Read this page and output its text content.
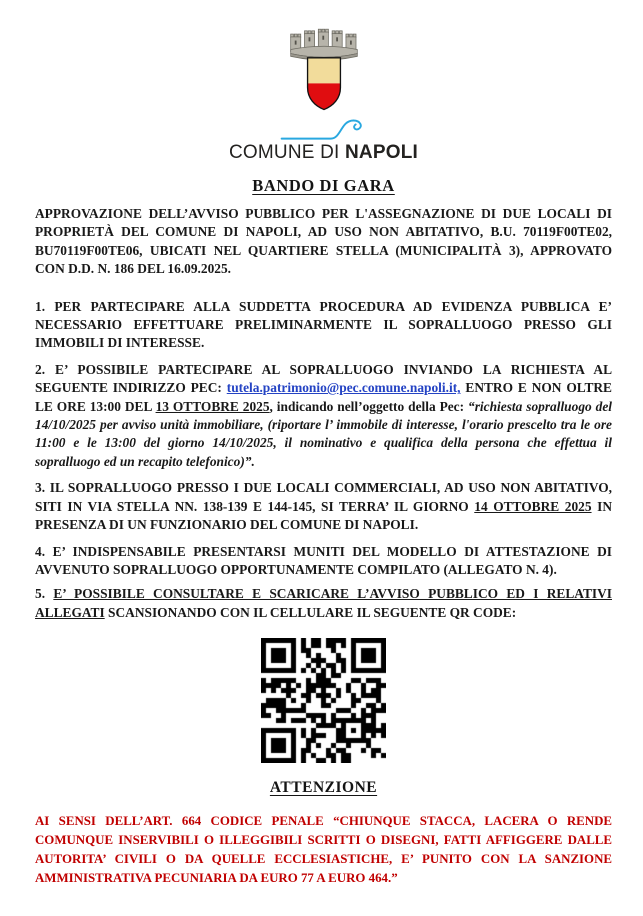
COMUNE DI NAPOLI
BANDO DI GARA

APPROVAZIONE DELL’AVVISO PUBBLICO PER L'ASSEGNAZIONE DI DUE LOCALI DI PROPRIETÀ DEL COMUNE DI NAPOLI, AD USO NON ABITATIVO, B.U. 70119F00TE02, BU70119F00TE06, UBICATI NEL QUARTIERE STELLA (MUNICIPALITÀ 3), APPROVATO CON D.D. N. 186 DEL 16.09.2025.

1. PER PARTECIPARE ALLA SUDDETTA PROCEDURA AD EVIDENZA PUBBLICA E’ NECESSARIO EFFETTUARE PRELIMINARMENTE IL SOPRALLUOGO PRESSO GLI IMMOBILI DI INTERESSE.

2. E’ POSSIBILE PARTECIPARE AL SOPRALLUOGO INVIANDO LA RICHIESTA AL SEGUENTE INDIRIZZO PEC: tutela.patrimonio@pec.comune.napoli.it, ENTRO E NON OLTRE LE ORE 13:00 DEL 13 OTTOBRE 2025, indicando nell’oggetto della Pec: “richiesta sopralluogo del 14/10/2025 per avviso unità immobiliare, (riportare l’ immobile di interesse, l'orario prescelto tra le ore 11:00 e le 13:00 del giorno 14/10/2025, il nominativo e qualifica della persona che effettua il sopralluogo ed un recapito telefonico)”.

3. IL SOPRALLUOGO PRESSO I DUE LOCALI COMMERCIALI, AD USO NON ABITATIVO, SITI IN VIA STELLA NN. 138-139 E 144-145, SI TERRA’ IL GIORNO 14 OTTOBRE 2025 IN PRESENZA DI UN FUNZIONARIO DEL COMUNE DI NAPOLI.

4. E’ INDISPENSABILE PRESENTARSI MUNITI DEL MODELLO DI ATTESTAZIONE DI AVVENUTO SOPRALLUOGO OPPORTUNAMENTE COMPILATO (ALLEGATO N. 4).

5. E’ POSSIBILE CONSULTARE E SCARICARE L’AVVISO PUBBLICO ED I RELATIVI ALLEGATI SCANSIONANDO CON IL CELLULARE IL SEGUENTE QR CODE:

ATTENZIONE

AI SENSI DELL’ART. 664 CODICE PENALE “CHIUNQUE STACCA, LACERA O RENDE COMUNQUE INSERVIBILI O ILLEGGIBILI SCRITTI O DISEGNI, FATTI AFFIGGERE DALLE AUTORITA’ CIVILI O DA QUELLE ECCLESIASTICHE, E’ PUNITO CON LA SANZIONE AMMINISTRATIVA PECUNIARIA DA EURO 77 A EURO 464.”
